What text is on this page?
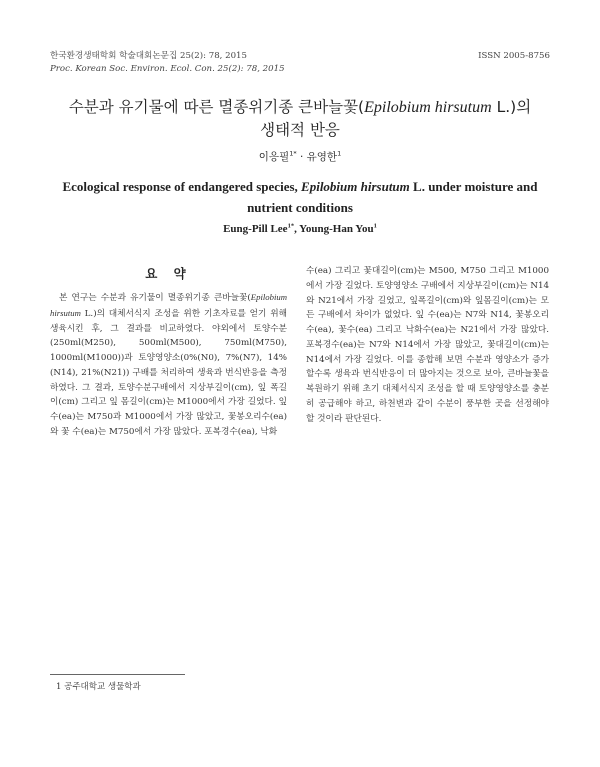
한국환경생태학회 학술대회논문집 25(2): 78, 2015
Proc. Korean Soc. Environ. Ecol. Con. 25(2): 78, 2015
ISSN 2005-8756
수분과 유기물에 따른 멸종위기종 큰바늘꽃(Epilobium hirsutum L.)의
생태적 반응
이응필$^{1*}$ · 유영한$^1$
Ecological response of endangered species, Epilobium hirsutum L. under moisture and nutrient conditions
Eung-Pill Lee$^{1*}$, Young-Han You$^1$
요 약

본 연구는 수분과 유기물이 멸종위기종 큰바늘꽃(Epilobium hirsutum L.)의 대체서식지 조성을 위한 기초자료를 얻기 위해 생육시킨 후, 그 결과를 비교하였다. 야외에서 토양수분(250ml(M250), 500ml(M500), 750ml(M750), 1000ml(M1000))과 토양영양소(0%(N0), 7%(N7), 14%(N14), 21%(N21)) 구배를 처리하여 생육과 번식반응을 측정하였다. 그 결과, 토양수분구배에서 지상부길이(cm), 잎 폭길이(cm) 그리고 잎 몸길이(cm)는 M1000에서 가장 길었다. 잎 수(ea)는 M750과 M1000에서 가장 많았고, 꽃봉오리수(ea)와 꽃 수(ea)는 M750에서 가장 많았다. 포복경수(ea), 낙화

수(ea) 그리고 꽃대길이(cm)는 M500, M750 그리고 M1000에서 가장 길었다. 토양영양소 구배에서 지상부길이(cm)는 N14와 N21에서 가장 길었고, 잎폭길이(cm)와 잎몸길이(cm)는 모든 구배에서 차이가 없었다. 잎 수(ea)는 N7와 N14, 꽃봉오리수(ea), 꽃수(ea) 그리고 낙화수(ea)는 N21에서 가장 많았다. 포복경수(ea)는 N7와 N14에서 가장 많았고, 꽃대길이(cm)는 N14에서 가장 길었다. 이를 종합해 보면 수분과 영양소가 증가할수록 생육과 번식반응이 더 많아지는 것으로 보아, 큰바늘꽃을 복원하기 위해 초기 대체서식지 조성을 할 때 토양영양소를 충분히 공급해야 하고, 하천변과 같이 수분이 풍부한 곳을 선정해야 할 것이라 판단된다.

1 공주대학교 생물학과
